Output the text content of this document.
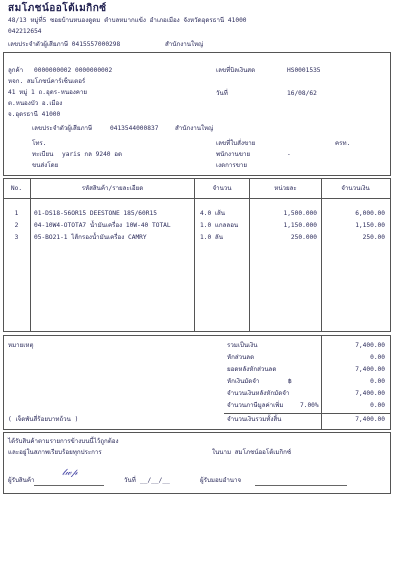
สมโภชน์ออโต้เมกิกซ์
48/13 หมู่ที่5 ซอยบ้านหนองดูดม ตำบลหมากแข้ง อำเภอเมือง จังหวัดอุดรธานี 41000
042212654
เลขประจำตัวผู้เสียภาษี 0415557000298	สำนักงานใหญ่
ลูกค้า 0000000002 0000000002
หจก. สมโภชน์คาร์เซ็นเตอร์
41 หมู่ 1 ถ.อุดร-หนองคาย
ต.หนองบัว อ.เมือง
จ.อุดรธานี 41000
เลขประจำตัวผู้เสียภาษี	0413544000837	สำนักงานใหญ่
โทร.
ทะเบียน yaris กล 9240 อด
ขนส่งโดย
เลขที่บิลเงินสด	HS0001535
วันที่	16/08/62
เลขที่ใบสั่งขาย	ครท.
พนักงานขาย	-
เงดการขาย
No.	รหัสสินค้า/รายละเอียด	จำนวน	หน่วยละ	จำนวนเงิน
1	01-DS18-56OR15 DEESTONE 185/60R15	4.0 เส้น	1,500.000	6,000.00
2	04-10W4-OTOTA7 น้ำมันเครื่อง 10W-40 TOTAL	1.0 แกลลอน	1,150.000	1,150.00
3	05-BO21-1 ไส้กรองน้ำมันเครื่อง CAMRY	1.0 ลัน	250.000	250.00
หมายเหตุ	รวมเป็นเงิน	7,400.00
หักส่วนลด	0.00
ยอดหลังหักส่วนลด	7,400.00
หักเงินมัดจำ	฿	0.00
จำนวนเงินหลังหักมัดจำ	7,400.00
จำนวนภาษีมูลค่าเพิ่ม	7.00%	0.00
( เจ็ดพันสี่ร้อยบาทถ้วน )	จำนวนเงินรวมทั้งสิ้น	7,400.00
ได้รับสินค้าตามรายการข้างบนนี้ไว้ถูกต้อง
และอยู่ในสภาพเรียบร้อยทุกประการ	ในนาม สมโภชน์ออโต้เมกิกซ์
ผู้รับสินค้า
𝓁𝓌𝓅
วันที่ __/__/__	ผู้รับมอบอำนาจ
